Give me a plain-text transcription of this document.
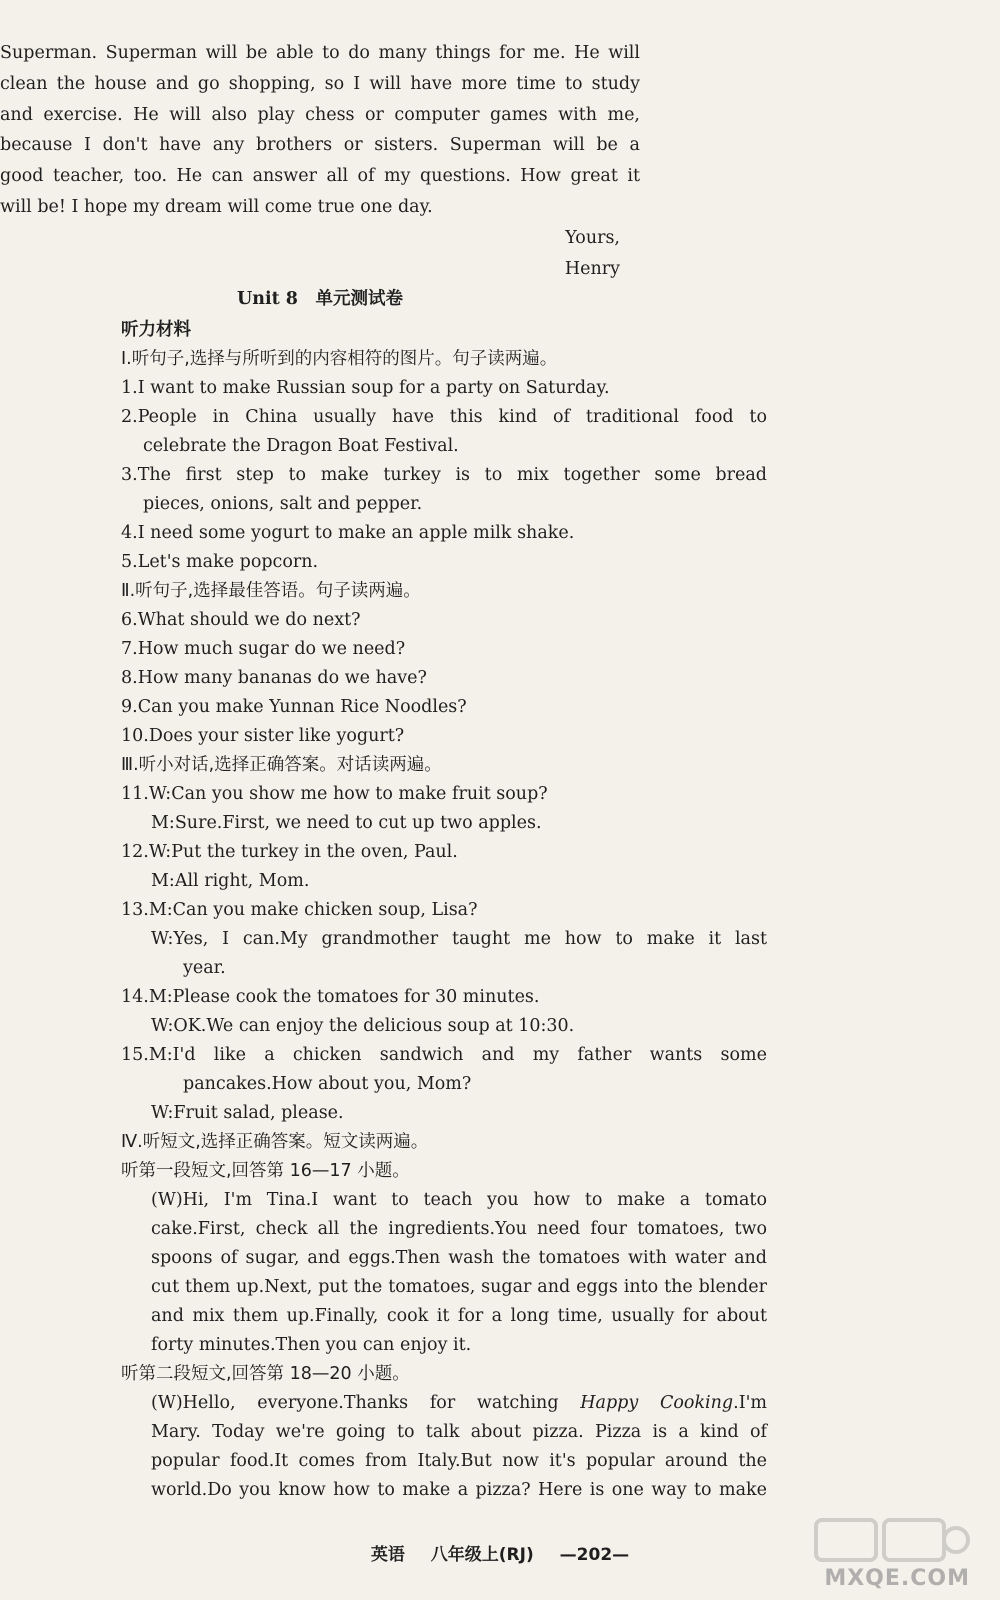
Superman. Superman will be able to do many things for me. He will
clean the house and go shopping, so I will have more time to study
and exercise. He will also play chess or computer games with me,
because I don't have any brothers or sisters. Superman will be a
good teacher, too. He can answer all of my questions. How great it
will be! I hope my dream will come true one day.
Yours,
Henry
Unit 8　单元测试卷
听力材料
Ⅰ.听句子,选择与所听到的内容相符的图片。句子读两遍。
1.I want to make Russian soup for a party on Saturday.
2.People in China usually have this kind of traditional food to
celebrate the Dragon Boat Festival.
3.The first step to make turkey is to mix together some bread
pieces, onions, salt and pepper.
4.I need some yogurt to make an apple milk shake.
5.Let's make popcorn.
Ⅱ.听句子,选择最佳答语。句子读两遍。
6.What should we do next?
7.How much sugar do we need?
8.How many bananas do we have?
9.Can you make Yunnan Rice Noodles?
10.Does your sister like yogurt?
Ⅲ.听小对话,选择正确答案。对话读两遍。
11.W:Can you show me how to make fruit soup?
M:Sure.First, we need to cut up two apples.
12.W:Put the turkey in the oven, Paul.
M:All right, Mom.
13.M:Can you make chicken soup, Lisa?
W:Yes, I can.My grandmother taught me how to make it last
year.
14.M:Please cook the tomatoes for 30 minutes.
W:OK.We can enjoy the delicious soup at 10:30.
15.M:I'd like a chicken sandwich and my father wants some
pancakes.How about you, Mom?
W:Fruit salad, please.
Ⅳ.听短文,选择正确答案。短文读两遍。
听第一段短文,回答第 16—17 小题。
(W)Hi, I'm Tina.I want to teach you how to make a tomato
cake.First, check all the ingredients.You need four tomatoes, two
spoons of sugar, and eggs.Then wash the tomatoes with water and
cut them up.Next, put the tomatoes, sugar and eggs into the blender
and mix them up.Finally, cook it for a long time, usually for about
forty minutes.Then you can enjoy it.
听第二段短文,回答第 18—20 小题。
(W)Hello, everyone.Thanks for watching Happy Cooking.I'm
Mary. Today we're going to talk about pizza. Pizza is a kind of
popular food.It comes from Italy.But now it's popular around the
world.Do you know how to make a pizza? Here is one way to make
英语 八年级上(RJ) —202—
MXQE.COM
